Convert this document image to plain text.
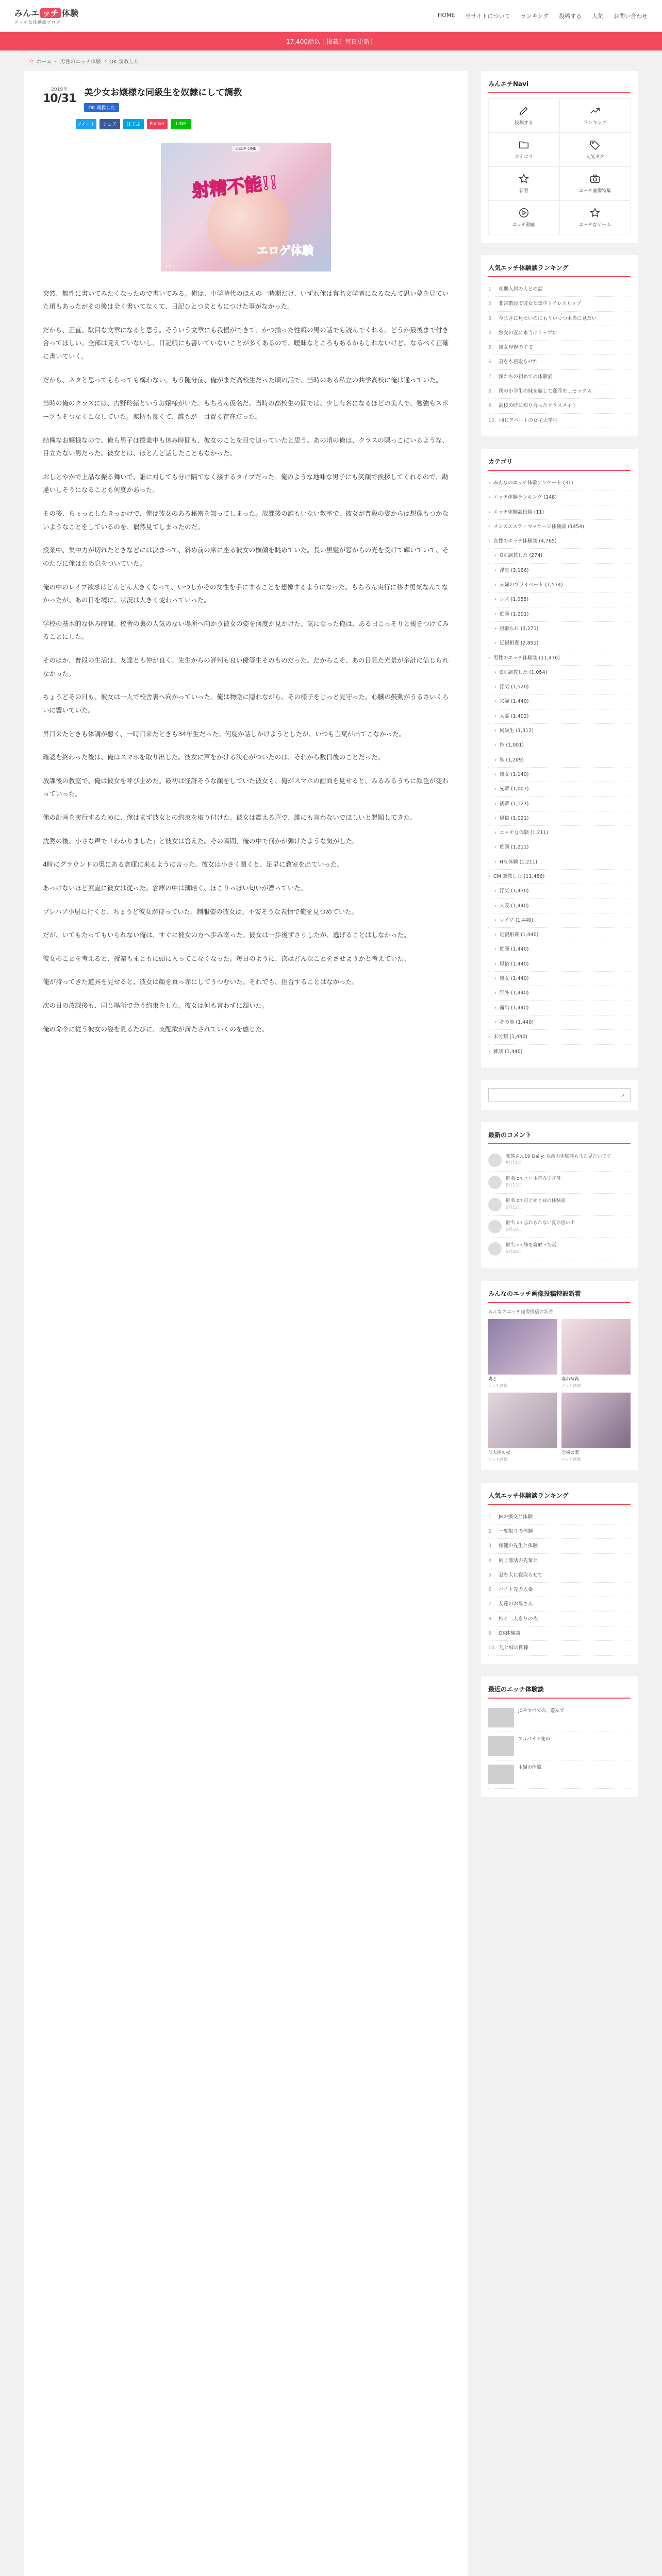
みんエ ッチ 体験
エッチな体験談ブログ
HOME 当サイトについて ランキング 投稿する 人気 お問い合わせ
17,400話以上掲載！毎日更新！
⌂ ホーム › 男性のエッチ体験 › OK 調教した
2019年
10/31 美少女お嬢様な同級生を奴隷にして調教
OK 調教した
ツイート	シェア	はてぶ	Pocket	LINE
DEEP ONE
射精不能!!
エロゲ体験
3DCG

突然、無性に書いてみたくなったので書いてみる。俺は、中学時代のほんの一時期だけ、いずれ俺は有名文学者になるなんて思い夢を見ていた頃もあったがその後は全く書いてなくて、日記ひとつまともにつけた事がなかった。

だから、正直、駄目な文章になると思う。そういう文章にも我慢ができて、かつ揃った性癖の男の話でも読んでくれる、どうか最後まで付き合ってほしい。全部は覚えていないし、日記帳にも書いていないことが多くあるので、曖昧なところもあるかもしれないけど、なるべく正確に書いていく。

だから、ネタと思ってもらっても構わない。もう随分前、俺がまだ高校生だった頃の話で、当時のある私立の共学高校に俺は通っていた。

当時の俺のクラスには、古野玲緒というお嬢様がいた。もちろん仮名だ。当時の高校生の間では、少し有名になるほどの美人で、勉強もスポーツもそつなくこなしていた。家柄も良くて、誰もが一目置く存在だった。

結構なお嬢様なので、俺ら男子は授業中も休み時間も、彼女のことを目で追っていたと思う。あの頃の俺は、クラスの隅っこにいるような、目立たない男だった。彼女とは、ほとんど話したこともなかった。

おしとやかで上品な振る舞いで、誰に対しても分け隔てなく接するタイプだった。俺のような地味な男子にも笑顔で挨拶してくれるので、勘違いしそうになることも何度かあった。

その後、ちょっとしたきっかけで、俺は彼女のある秘密を知ってしまった。放課後の誰もいない教室で、彼女が普段の姿からは想像もつかないようなことをしているのを、偶然見てしまったのだ。

授業中、集中力が切れたときなどには決まって、斜め前の席に座る彼女の横顔を眺めていた。長い黒髪が窓からの光を受けて輝いていて、そのたびに俺はため息をついていた。

俺の中のレイプ欲求はどんどん大きくなって、いつしかその女性を手にすることを想像するようになった。もちろん実行に移す勇気なんてなかったが、あの日を境に、状況は大きく変わっていった。

学校の基本的な休み時間、校舎の裏の人気のない場所へ向かう彼女の姿を何度か見かけた。気になった俺は、ある日こっそりと後をつけてみることにした。

そのほか、普段の生活は、友達とも仲が良く、先生からの評判も良い優等生そのものだった。だからこそ、あの日見た光景が余計に信じられなかった。

ちょうどその日も、彼女は一人で校舎裏へ向かっていった。俺は物陰に隠れながら、その様子をじっと見守った。心臓の鼓動がうるさいくらいに響いていた。

昇日来たときも体調が悪く、一時日来たときも34年生だった。何度か話しかけようとしたが、いつも言葉が出てこなかった。

確認を終わった後は、俺はスマホを取り出した。彼女に声をかける決心がついたのは、それから数日後のことだった。

放課後の教室で、俺は彼女を呼び止めた。最初は怪訝そうな顔をしていた彼女も、俺がスマホの画面を見せると、みるみるうちに顔色が変わっていった。

俺の計画を実行するために、俺はまず彼女との約束を取り付けた。彼女は震える声で、誰にも言わないでほしいと懇願してきた。

沈黙の後、小さな声で「わかりました」と彼女は答えた。その瞬間、俺の中で何かが弾けたような気がした。

4時にグラウンドの奥にある倉庫に来るように言った。彼女は小さく頷くと、足早に教室を出ていった。

あっけないほど素直に彼女は従った。倉庫の中は薄暗く、ほこりっぽい匂いが漂っていた。

ブレハブ小屋に行くと、ちょうど彼女が待っていた。制服姿の彼女は、不安そうな表情で俺を見つめていた。

だが、いてもたってもいられない俺は、すぐに彼女の方へ歩み寄った。彼女は一歩後ずさりしたが、逃げることはしなかった。

彼女のことを考えると、授業もまともに頭に入ってこなくなった。毎日のように、次はどんなことをさせようかと考えていた。

俺が持ってきた道具を見せると、彼女は顔を真っ赤にしてうつむいた。それでも、拒否することはなかった。

次の日の放課後も、同じ場所で会う約束をした。彼女は何も言わずに頷いた。

俺の命令に従う彼女の姿を見るたびに、支配欲が満たされていくのを感じた。

みんエチNavi
投稿する	ランキング
カテゴリ	人気タグ
新着	エッチ画像特集
エッチ動画	エッチなゲーム
人気エッチ体験談ランキング
1.	初期入居の人との話
2.	非常階段で彼女と集中トイレスリップ
3.	今まさに見たいのにもういっつ本当に見たい
4.	熟女の妻に本当にトップに
5.	熟女母親のすて
6.	妻をも寝取らせた
7.	僕たちの初めての体験話
8.	僕の小学生の妹を騙して姦淫を…セックス
9.	高校の時に知り合ったクラスメイト
10. 同じアパートの女子大学生
カテゴリ
› みんなのエッチ体験アンケート (31)
› エッチ体験ランキング (148)
› エッチ体験談投稿 (11)
› メンズエステ・マッサージ体験談 (1454)
› 女性のエッチ体験談 (4,765)
› OK 調教した (274)
› 浮気 (3,186)
› 夫婦のプライベート (1,574)
› レズ (1,088)
› 痴漢 (1,201)
› 寝取られ (3,271)
› 近親相姦 (2,891)
› 男性のエッチ体験談 (11,476)
› OK 調教した (1,054)
› 浮気 (1,520)
› 夫婦 (1,440)
› 人妻 (1,402)
› 同級生 (1,312)
› 姉 (1,001)
› 妹 (1,209)
› 熟女 (1,140)
› 先輩 (1,007)
› 後輩 (1,127)
› 風俗 (1,021)
› エッチな体験 (1,211)
› 痴漢 (1,211)
› Hな体験 (1,211)
› CM 調教した (11,486)
› 浮気 (1,430)
› 人妻 (1,440)
› レイプ (1,440)
› 近親相姦 (1,440)
› 痴漢 (1,440)
› 風俗 (1,440)
› 熟女 (1,440)
› 野外 (1,440)
› 露出 (1,440)
› その他 (1,440)
› 未分類 (1,440)
› 雑談 (1,440)
⌕
最新のコメント
変態さん19 Daily: 以前の体験談もまた見たいです
5月14日
匿名 on エロ本読みすぎ母
5月13日
匿名 on 母と姉と妹の体験談
5月12日
匿名 on 忘れられない夏の思い出
5月10日
匿名 on 姉を寝取った話
5月08日
みんなのエッチ画像投稿特設新着

みんなのエッチ画像投稿の新着

妻と
エッチ画像
妻の写真
エッチ画像
他人棒の夜
エッチ画像
全裸の妻
エッチ画像
人気エッチ体験談ランキング
1.	JKの援交と体験
2.	一度限りの体験
3.	保健の先生と体験
4.	同じ部活の先輩と
5.	妻を人に寝取らせて
6.	バイト先の人妻
7.	友達のお母さん
8.	姉と二人きりの夜
9.	OK体験談
10. 兄と妹の関係
最近のエッチ体験談
JCやすべての、遊んで
アルバイト先の
主婦の体験
